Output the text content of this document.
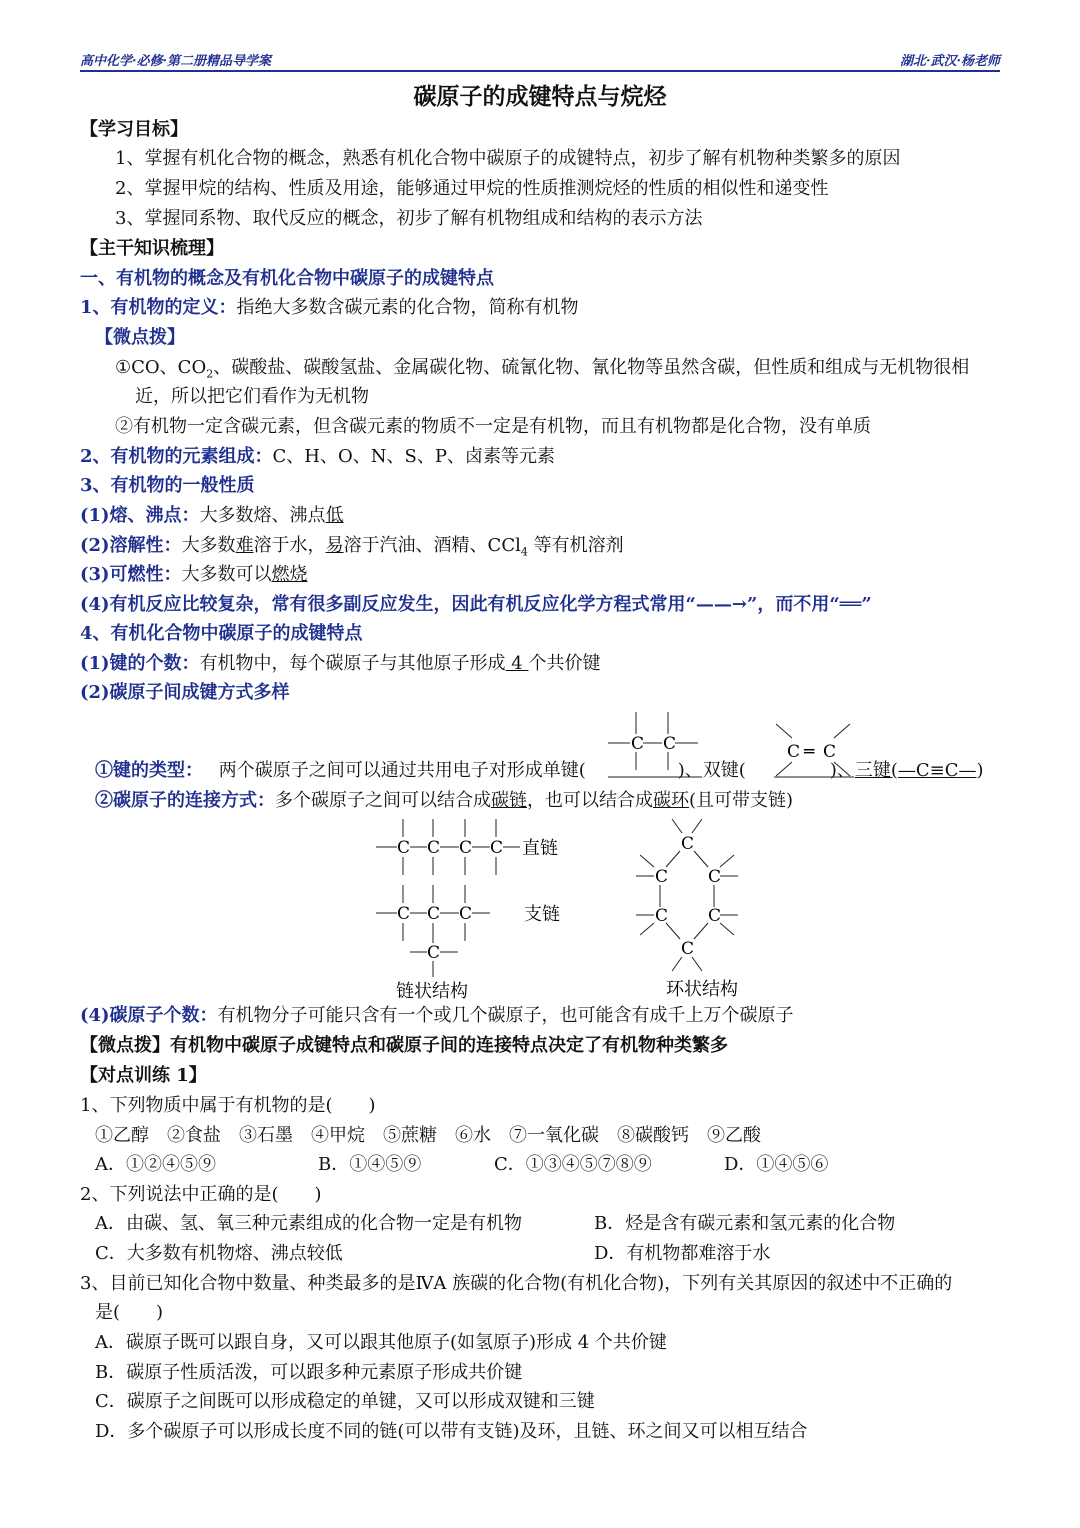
高中化学·必修·第二册精品导学案	湖北·武汉·杨老师
碳原子的成键特点与烷烃
【学习目标】
1、掌握有机化合物的概念，熟悉有机化合物中碳原子的成键特点，初步了解有机物种类繁多的原因
2、掌握甲烷的结构、性质及用途，能够通过甲烷的性质推测烷烃的性质的相似性和递变性
3、掌握同系物、取代反应的概念，初步了解有机物组成和结构的表示方法
【主干知识梳理】
一、有机物的概念及有机化合物中碳原子的成键特点
1、有机物的定义：指绝大多数含碳元素的化合物，简称有机物
【微点拨】
①CO、$CO_2$、碳酸盐、碳酸氢盐、金属碳化物、硫氰化物、氰化物等虽然含碳，但性质和组成与无机物很相
近，所以把它们看作为无机物
②有机物一定含碳元素，但含碳元素的物质不一定是有机物，而且有机物都是化合物，没有单质
2、有机物的元素组成：C、H、O、N、S、P、卤素等元素
3、有机物的一般性质
(1)熔、沸点：大多数熔、沸点低
(2)溶解性：大多数难溶于水，易溶于汽油、酒精、CCl$_4$ 等有机溶剂
(3)可燃性：大多数可以燃烧
(4)有机反应比较复杂，常有很多副反应发生，因此有机反应化学方程式常用“——→”，而不用“══”
4、有机化合物中碳原子的成键特点
(1)键的个数：有机物中，每个碳原子与其他原子形成 4 个共价键
(2)碳原子间成键方式多样
C C	C ═ C
①键的类型： 两个碳原子之间可以通过共用电子对形成单键(	)、双键(	)、三键(—C≡C—)
②碳原子的连接方式：多个碳原子之间可以结合成碳链，也可以结合成碳环(且可带支链)
C C C C
C C C
C
直链
支链
链状结构
C
C C
C C
C
环状结构
(4)碳原子个数：有机物分子可能只含有一个或几个碳原子，也可能含有成千上万个碳原子
【微点拨】有机物中碳原子成键特点和碳原子间的连接特点决定了有机物种类繁多
【对点训练 1】
1、下列物质中属于有机物的是(　　)
①乙醇　②食盐　③石墨　④甲烷　⑤蔗糖　⑥水　⑦一氧化碳　⑧碳酸钙　⑨乙酸
A．①②④⑤⑨	B．①④⑤⑨	C．①③④⑤⑦⑧⑨	D．①④⑤⑥
2、下列说法中正确的是(　　)
A．由碳、氢、氧三种元素组成的化合物一定是有机物	B．烃是含有碳元素和氢元素的化合物
C．大多数有机物熔、沸点较低	D．有机物都难溶于水
3、目前已知化合物中数量、种类最多的是ⅣA 族碳的化合物(有机化合物)，下列有关其原因的叙述中不正确的
是(　　)
A．碳原子既可以跟自身，又可以跟其他原子(如氢原子)形成 4 个共价键
B．碳原子性质活泼，可以跟多种元素原子形成共价键
C．碳原子之间既可以形成稳定的单键，又可以形成双键和三键
D．多个碳原子可以形成长度不同的链(可以带有支链)及环，且链、环之间又可以相互结合
